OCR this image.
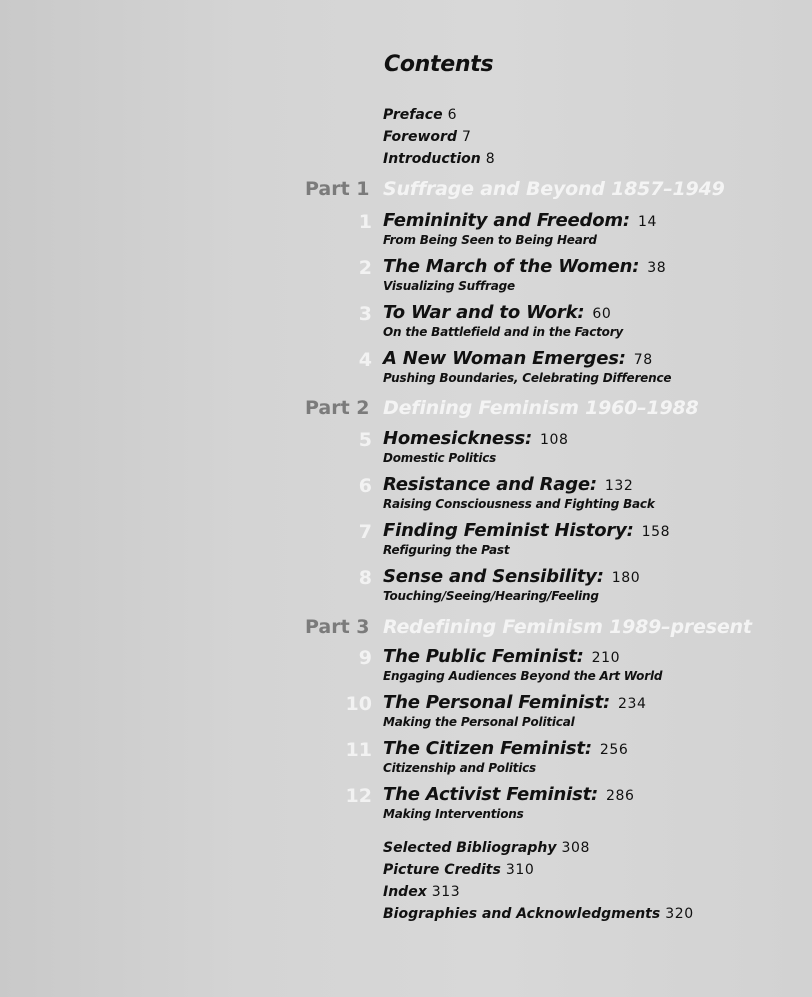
Contents
Preface 6
Foreword 7
Introduction 8
Part 1 Suffrage and Beyond 1857–1949
1 Femininity and Freedom: 14
From Being Seen to Being Heard
2 The March of the Women: 38
Visualizing Suffrage
3 To War and to Work: 60
On the Battlefield and in the Factory
4 A New Woman Emerges: 78
Pushing Boundaries, Celebrating Difference
Part 2 Defining Feminism 1960–1988
5 Homesickness: 108
Domestic Politics
6 Resistance and Rage: 132
Raising Consciousness and Fighting Back
7 Finding Feminist History: 158
Refiguring the Past
8 Sense and Sensibility: 180
Touching/Seeing/Hearing/Feeling
Part 3 Redefining Feminism 1989–present
9 The Public Feminist: 210
Engaging Audiences Beyond the Art World
10 The Personal Feminist: 234
Making the Personal Political
11 The Citizen Feminist: 256
Citizenship and Politics
12 The Activist Feminist: 286
Making Interventions
Selected Bibliography 308
Picture Credits 310
Index 313
Biographies and Acknowledgments 320
